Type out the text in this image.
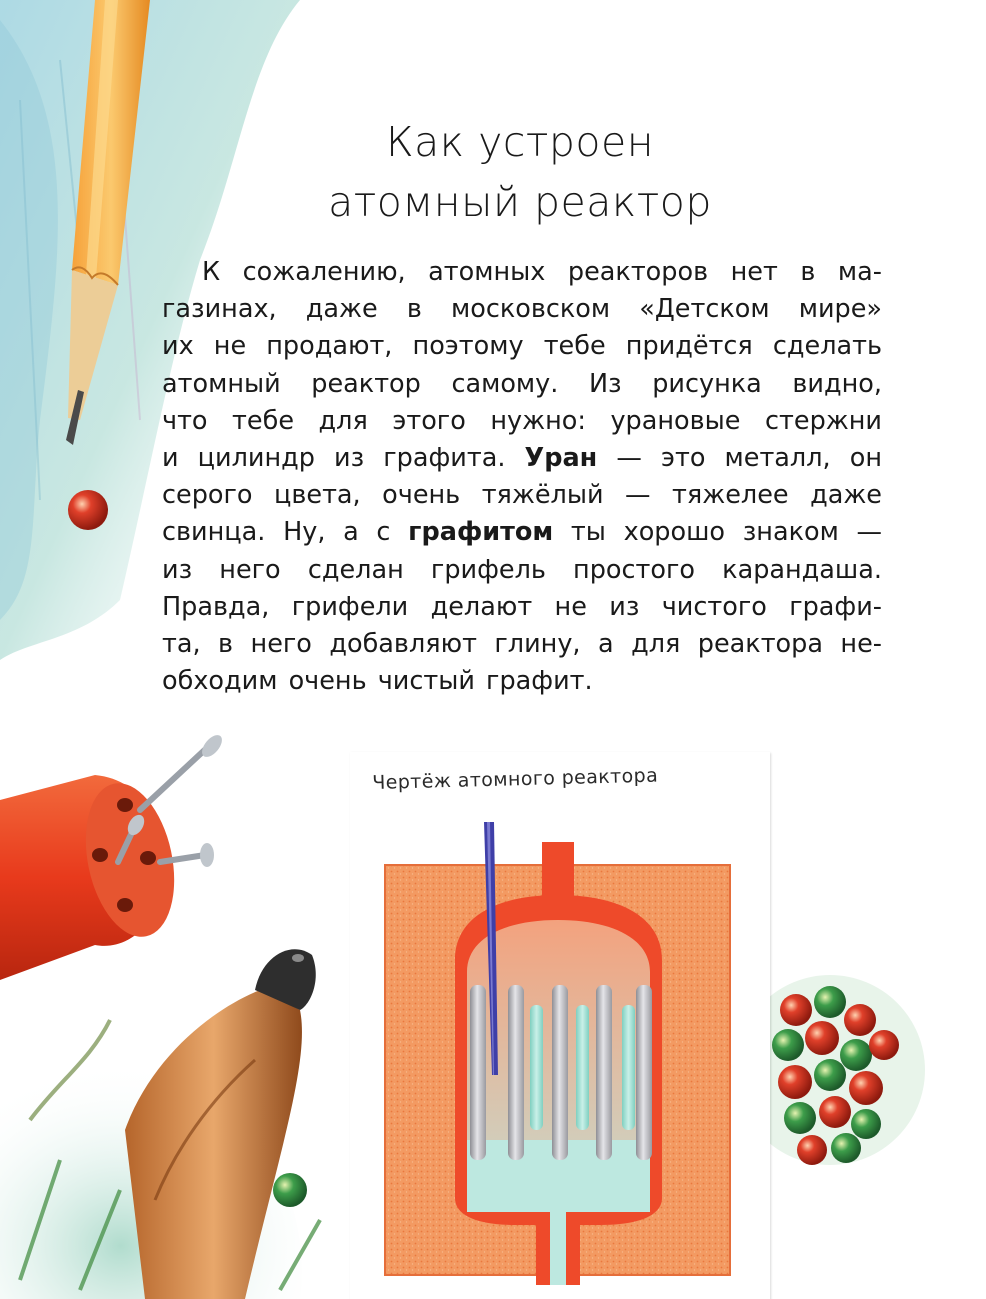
Чертёж атомного реактора
Как устроен
атомный реактор
К сожалению, атомных реакторов нет в ма-
газинах, даже в московском «Детском мире»
их не продают, поэтому тебе придётся сделать
атомный реактор самому. Из рисунка видно,
что тебе для этого нужно: урановые стержни
и цилиндр из графита. Уран — это металл, он
серого цвета, очень тяжёлый — тяжелее даже
свинца. Ну, а с графитом ты хорошо знаком —
из него сделан грифель простого карандаша.
Правда, грифели делают не из чистого графи-
та, в него добавляют глину, а для реактора не-
обходим очень чистый графит.
